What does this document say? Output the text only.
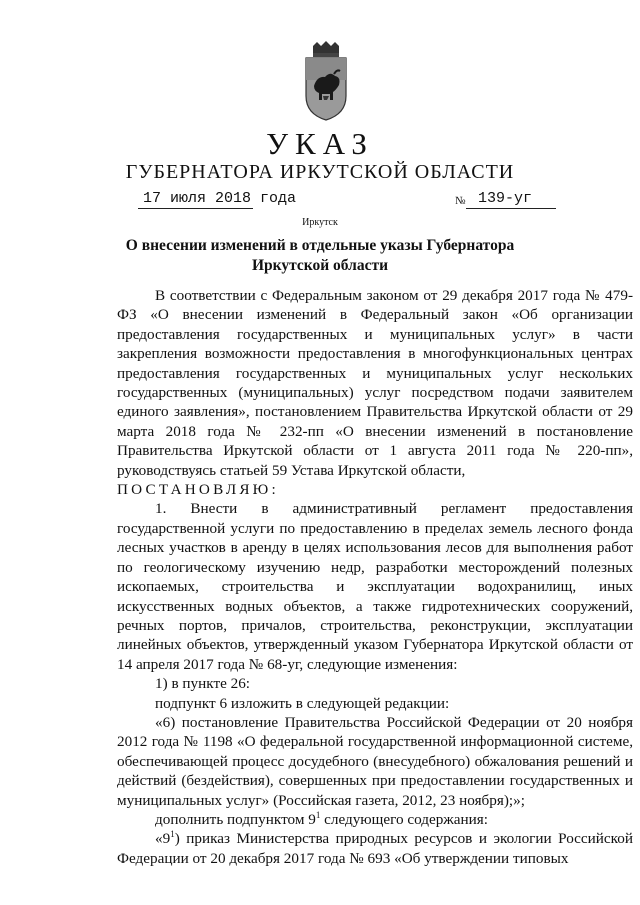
УКАЗ
ГУБЕРНАТОРА ИРКУТСКОЙ ОБЛАСТИ
17 июля 2018 года	№ 139-уг
Иркутск
О внесении изменений в отдельные указы Губернатора Иркутской области

В соответствии с Федеральным законом от 29 декабря 2017 года № 479-ФЗ «О внесении изменений в Федеральный закон «Об организации предоставления государственных и муниципальных услуг» в части закрепления возможности предоставления в многофункциональных центрах предоставления государственных и муниципальных услуг нескольких государственных (муниципальных) услуг посредством подачи заявителем единого заявления», постановлением Правительства Иркутской области от 29 марта 2018 года № 232-пп «О внесении изменений в постановление Правительства Иркутской области от 1 августа 2011 года № 220-пп», руководствуясь статьей 59 Устава Иркутской области,

ПОСТАНОВЛЯЮ:

1. Внести в административный регламент предоставления государственной услуги по предоставлению в пределах земель лесного фонда лесных участков в аренду в целях использования лесов для выполнения работ по геологическому изучению недр, разработки месторождений полезных ископаемых, строительства и эксплуатации водохранилищ, иных искусственных водных объектов, а также гидротехнических сооружений, речных портов, причалов, строительства, реконструкции, эксплуатации линейных объектов, утвержденный указом Губернатора Иркутской области от 14 апреля 2017 года № 68-уг, следующие изменения:

1) в пункте 26:

подпункт 6 изложить в следующей редакции:

«6) постановление Правительства Российской Федерации от 20 ноября 2012 года № 1198 «О федеральной государственной информационной системе, обеспечивающей процесс досудебного (внесудебного) обжалования решений и действий (бездействия), совершенных при предоставлении государственных и муниципальных услуг» (Российская газета, 2012, 23 ноября);»;

дополнить подпунктом $9^1$ следующего содержания:

«$9^1$) приказ Министерства природных ресурсов и экологии Российской Федерации от 20 декабря 2017 года № 693 «Об утверждении типовых
